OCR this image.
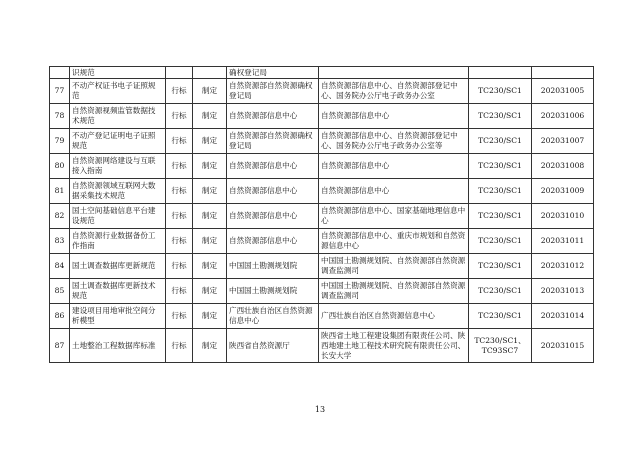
	识规范			确权登记局			
77	不动产权证书电子证照规范	行标	制定	自然资源部自然资源确权登记局	自然资源部信息中心、自然资源部登记中心、国务院办公厅电子政务办公室	TC230/SC1	202031005
78	自然资源视频监管数据技术规范	行标	制定	自然资源部信息中心	自然资源部信息中心	TC230/SC1	202031006
79	不动产登记证明电子证照规范	行标	制定	自然资源部自然资源确权登记局	自然资源部信息中心、自然资源部登记中心、国务院办公厅电子政务办公室等	TC230/SC1	202031007
80	自然资源网络建设与互联接入指南	行标	制定	自然资源部信息中心	自然资源部信息中心	TC230/SC1	202031008
81	自然资源领域互联网大数据采集技术规范	行标	制定	自然资源部信息中心	自然资源部信息中心	TC230/SC1	202031009
82	国土空间基础信息平台建设规范	行标	制定	自然资源部信息中心	自然资源部信息中心、国家基础地理信息中心	TC230/SC1	202031010
83	自然资源行业数据备份工作指南	行标	制定	自然资源部信息中心	自然资源部信息中心、重庆市规划和自然资源信息中心	TC230/SC1	202031011
84	国土调查数据库更新规范	行标	制定	中国国土勘测规划院	中国国土勘测规划院、自然资源部自然资源调查监测司	TC230/SC1	202031012
85	国土调查数据库更新技术规范	行标	制定	中国国土勘测规划院	中国国土勘测规划院、自然资源部自然资源调查监测司	TC230/SC1	202031013
86	建设项目用地审批空间分析模型	行标	制定	广西壮族自治区自然资源信息中心	广西壮族自治区自然资源信息中心	TC230/SC1	202031014
87	土地整治工程数据库标准	行标	制定	陕西省自然资源厅	陕西省土地工程建设集团有限责任公司、陕西地建土地工程技术研究院有限责任公司、长安大学	TC230/SC1、TC93SC7	202031015
13
